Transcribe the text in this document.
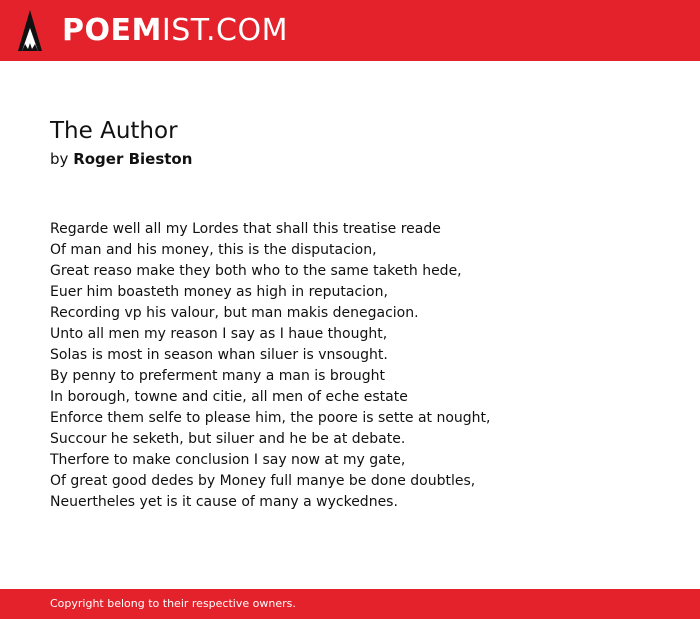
POEMIST.COM
The Author
by Roger Bieston
Regarde well all my Lordes that shall this treatise reade
Of man and his money, this is the disputacion,
Great reaso make they both who to the same taketh hede,
Euer him boasteth money as high in reputacion,
Recording vp his valour, but man makis denegacion.
Unto all men my reason I say as I haue thought,
Solas is most in season whan siluer is vnsought.
By penny to preferment many a man is brought
In borough, towne and citie, all men of eche estate
Enforce them selfe to please him, the poore is sette at nought,
Succour he seketh, but siluer and he be at debate.
Therfore to make conclusion I say now at my gate,
Of great good dedes by Money full manye be done doubtles,
Neuertheles yet is it cause of many a wyckednes.
Copyright belong to their respective owners.
